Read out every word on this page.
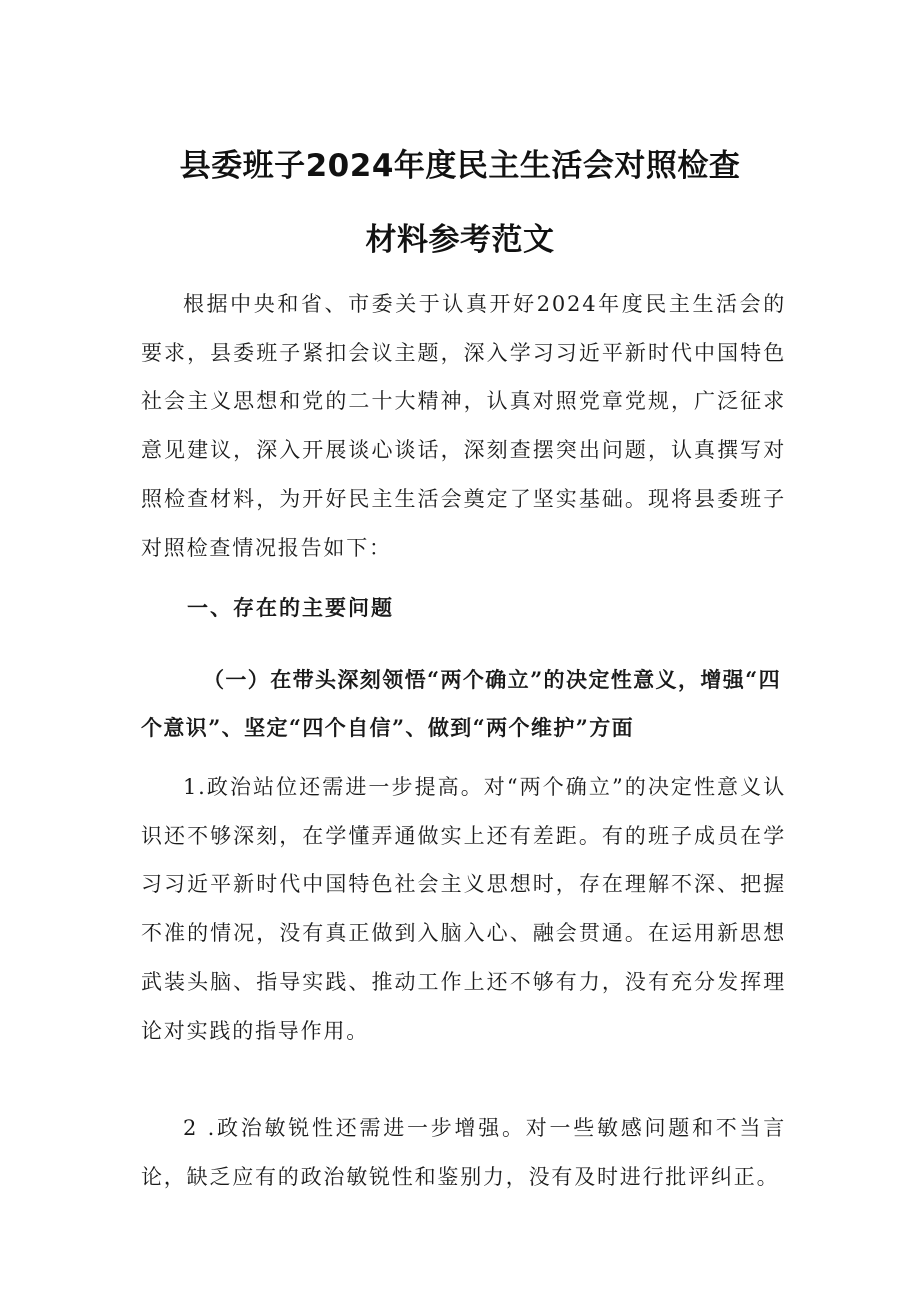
县委班子2024年度民主生活会对照检查
材料参考范文

根据中央和省、市委关于认真开好2024年度民主生活会的要求，县委班子紧扣会议主题，深入学习习近平新时代中国特色社会主义思想和党的二十大精神，认真对照党章党规，广泛征求意见建议，深入开展谈心谈话，深刻查摆突出问题，认真撰写对照检查材料，为开好民主生活会奠定了坚实基础。现将县委班子对照检查情况报告如下：

一、存在的主要问题

（一）在带头深刻领悟“两个确立”的决定性意义，增强“四个意识”、坚定“四个自信”、做到“两个维护”方面

1.政治站位还需进一步提高。对“两个确立”的决定性意义认识还不够深刻，在学懂弄通做实上还有差距。有的班子成员在学习习近平新时代中国特色社会主义思想时，存在理解不深、把握不准的情况，没有真正做到入脑入心、融会贯通。在运用新思想武装头脑、指导实践、推动工作上还不够有力，没有充分发挥理论对实践的指导作用。

2 .政治敏锐性还需进一步增强。对一些敏感问题和不当言论，缺乏应有的政治敏锐性和鉴别力，没有及时进行批评纠正。
